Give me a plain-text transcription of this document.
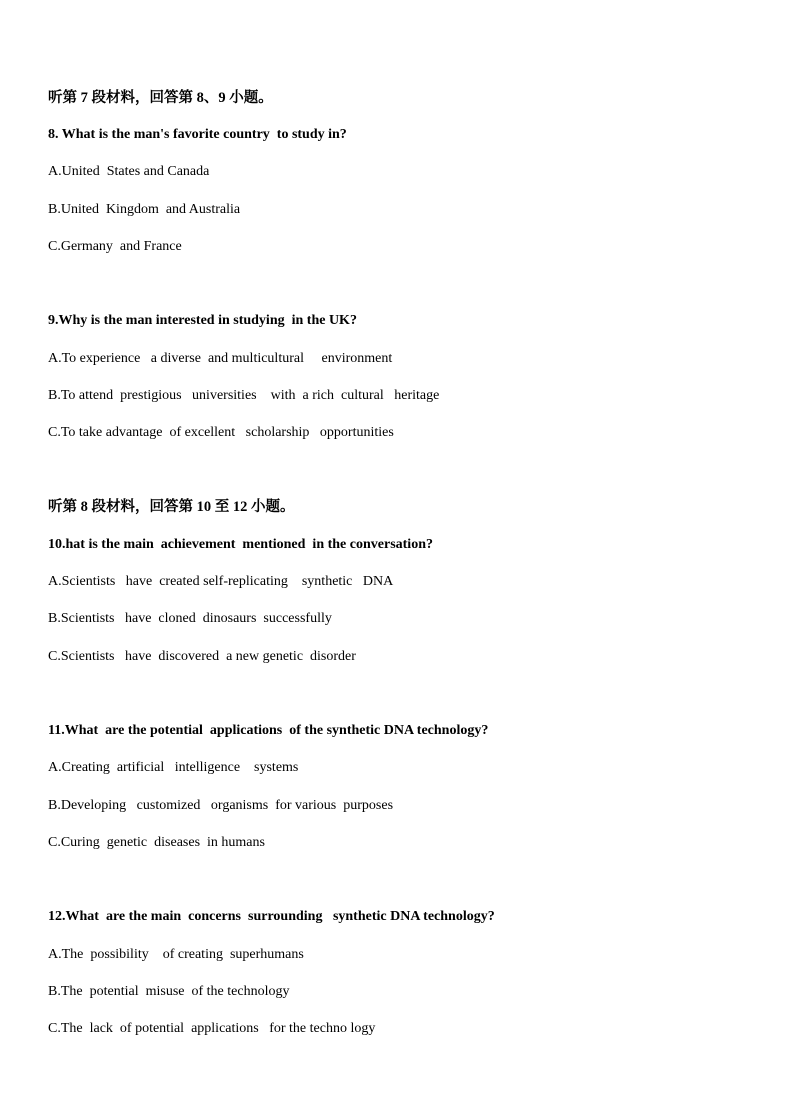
听第 7 段材料，回答第 8、9 小题。
8. What is the man's favorite country  to study in?
A.United  States and Canada
B.United  Kingdom  and Australia
C.Germany  and France
9.Why is the man interested in studying  in the UK?
A.To experience   a diverse  and multicultural     environment
B.To attend  prestigious   universities    with  a rich  cultural   heritage
C.To take advantage  of excellent   scholarship   opportunities
听第 8 段材料，回答第 10 至 12 小题。
10.hat is the main  achievement  mentioned  in the conversation?
A.Scientists   have  created self-replicating    synthetic   DNA
B.Scientists   have  cloned  dinosaurs  successfully
C.Scientists   have  discovered  a new genetic  disorder
11.What  are the potential  applications  of the synthetic DNA technology?
A.Creating  artificial   intelligence    systems
B.Developing   customized   organisms  for various  purposes
C.Curing  genetic  diseases  in humans
12.What  are the main  concerns  surrounding   synthetic DNA technology?
A.The  possibility    of creating  superhumans
B.The  potential  misuse  of the technology
C.The  lack  of potential  applications   for the techno logy
